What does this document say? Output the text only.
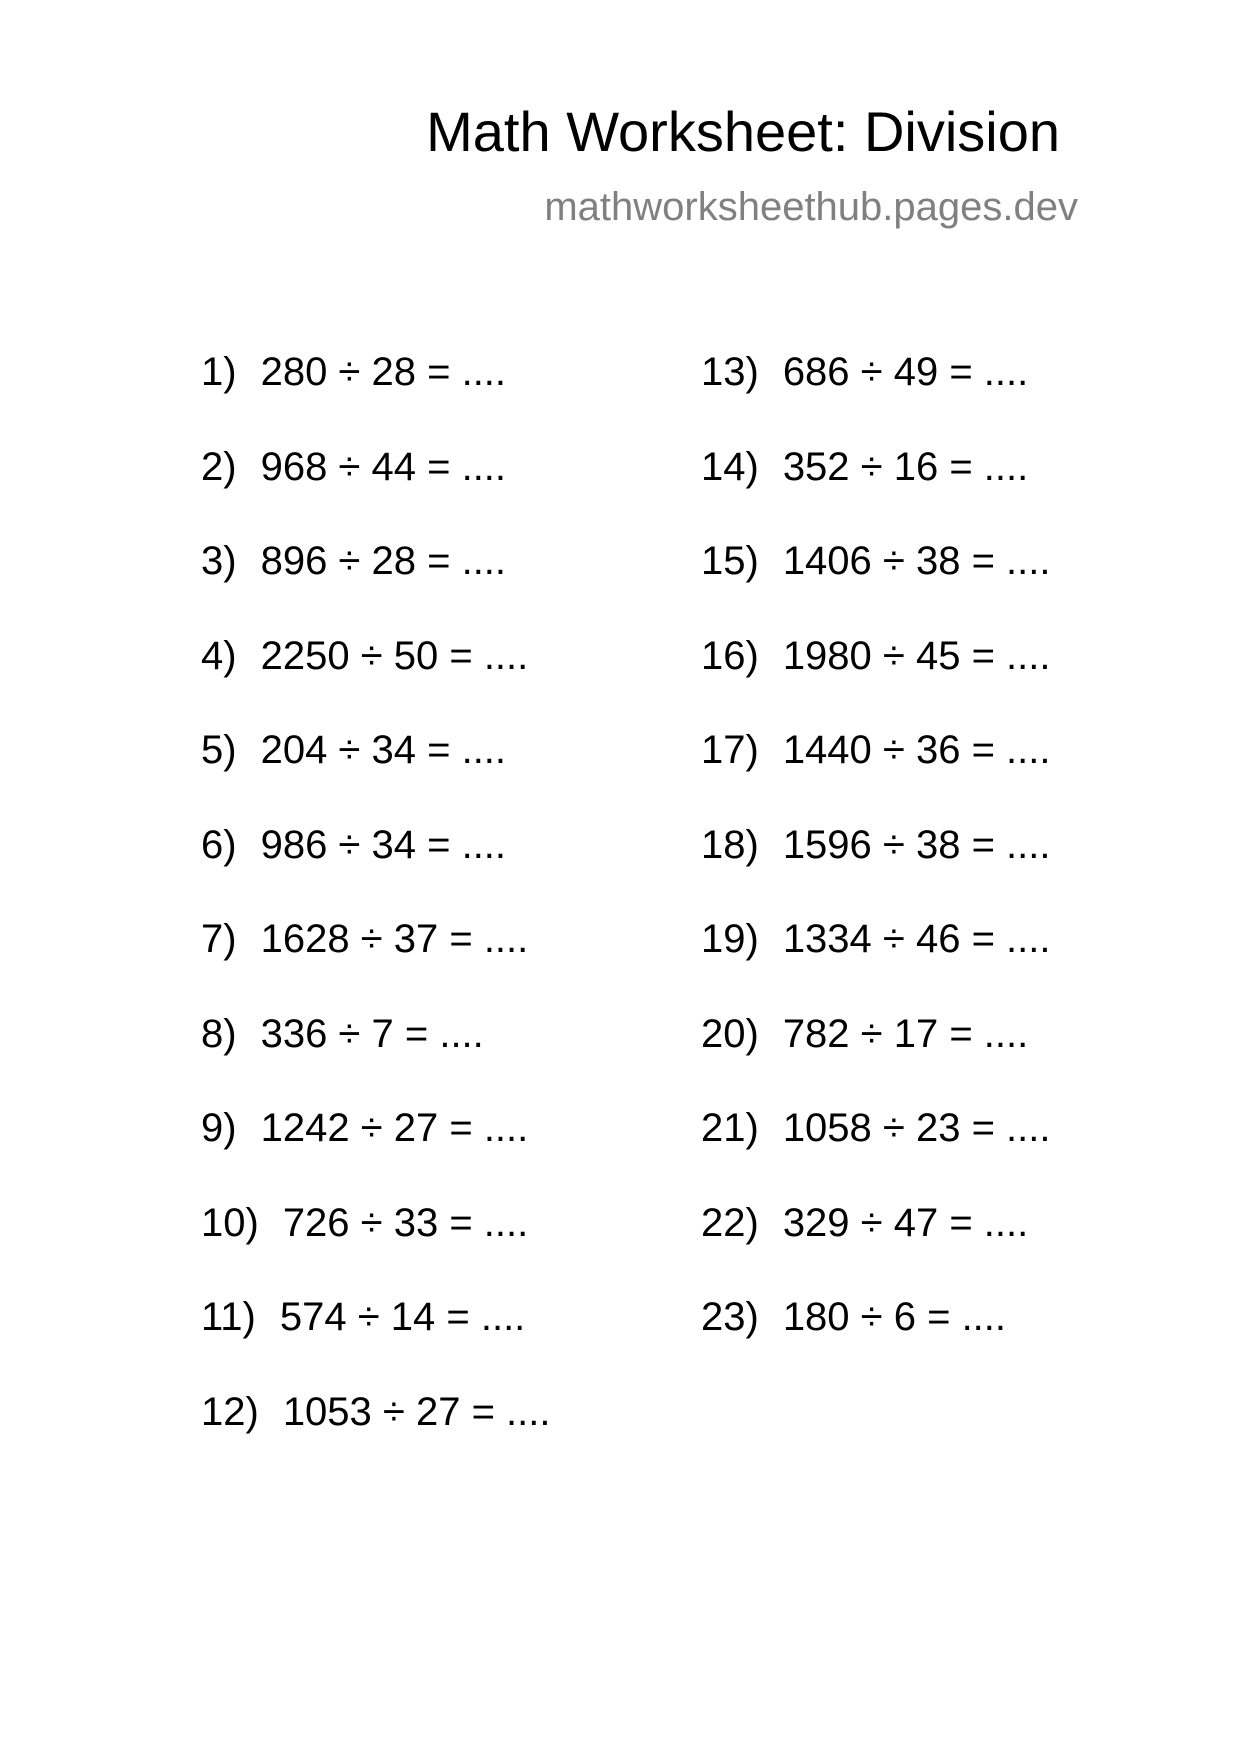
Math Worksheet: Division
mathworksheethub.pages.dev
1) 280 ÷ 28 = ....
2) 968 ÷ 44 = ....
3) 896 ÷ 28 = ....
4) 2250 ÷ 50 = ....
5) 204 ÷ 34 = ....
6) 986 ÷ 34 = ....
7) 1628 ÷ 37 = ....
8) 336 ÷ 7 = ....
9) 1242 ÷ 27 = ....
10) 726 ÷ 33 = ....
11) 574 ÷ 14 = ....
12) 1053 ÷ 27 = ....
13) 686 ÷ 49 = ....
14) 352 ÷ 16 = ....
15) 1406 ÷ 38 = ....
16) 1980 ÷ 45 = ....
17) 1440 ÷ 36 = ....
18) 1596 ÷ 38 = ....
19) 1334 ÷ 46 = ....
20) 782 ÷ 17 = ....
21) 1058 ÷ 23 = ....
22) 329 ÷ 47 = ....
23) 180 ÷ 6 = ....
